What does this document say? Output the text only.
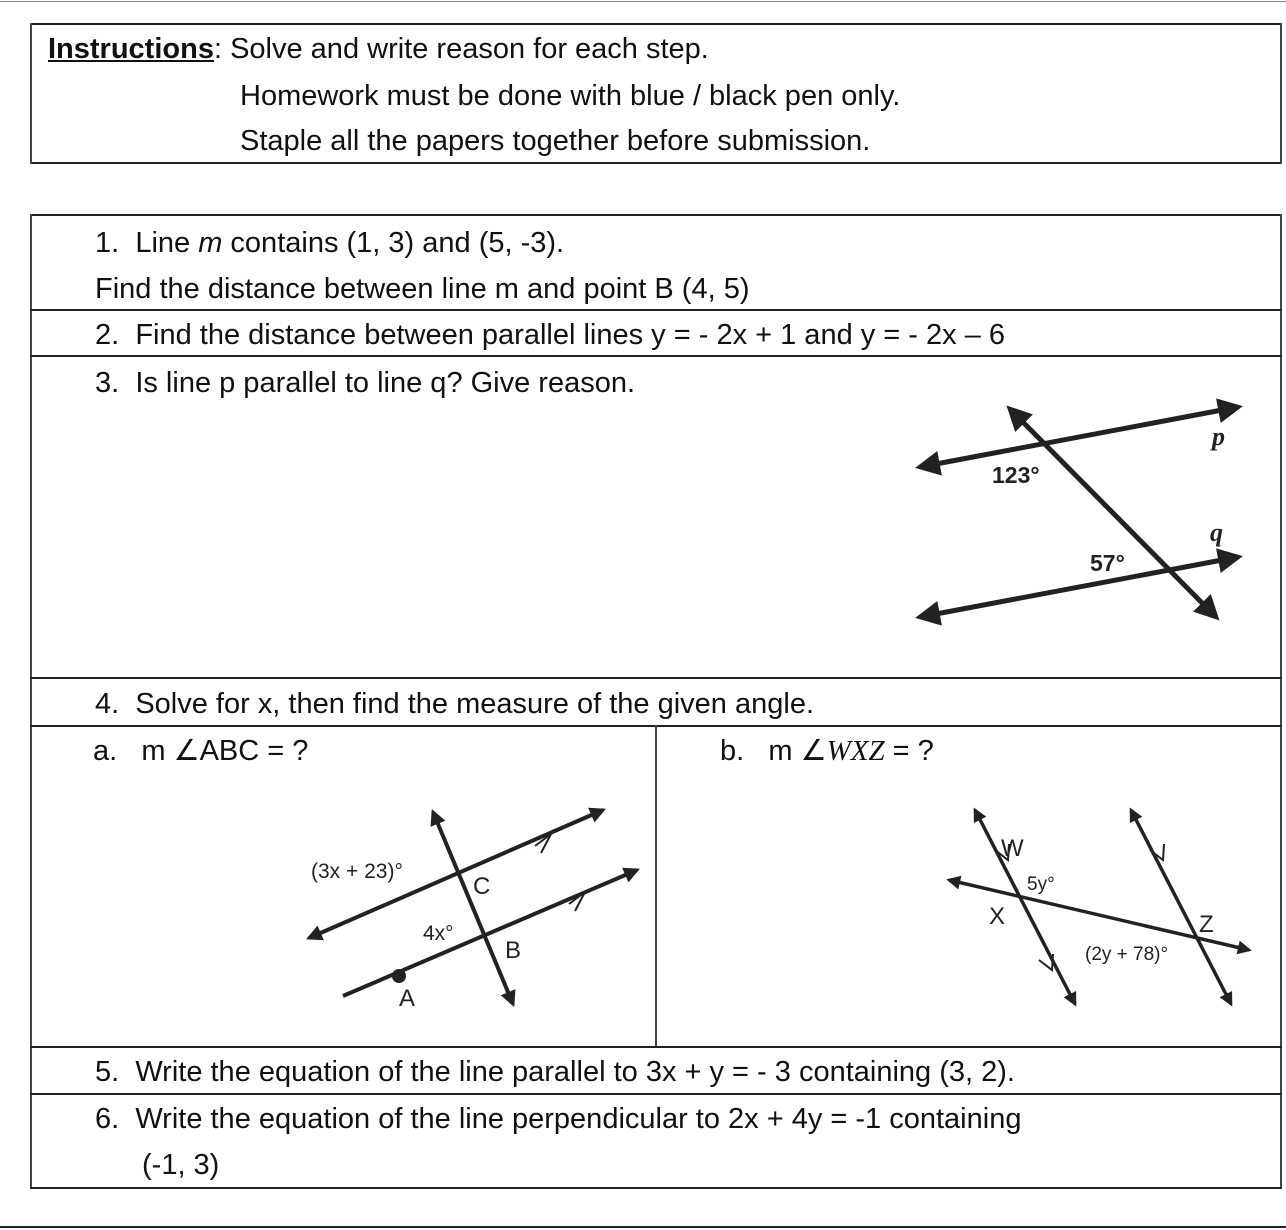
Instructions: Solve and write reason for each step.
Homework must be done with blue / black pen only.
Staple all the papers together before submission.
1. Line m contains (1, 3) and (5, -3).
Find the distance between line m and point B (4, 5)
2. Find the distance between parallel lines y = - 2x + 1 and y = - 2x – 6
3. Is line p parallel to line q? Give reason.
123°
57°
p
q
4. Solve for x, then find the measure of the given angle.
a. m ∠ABC = ?	b. m ∠WXZ = ?
(3x + 23)°
4x°
C
B
A
W
5y°
X	Z
(2y + 78)°
5. Write the equation of the line parallel to 3x + y = - 3 containing (3, 2).
6. Write the equation of the line perpendicular to 2x + 4y = -1 containing
(-1, 3)
